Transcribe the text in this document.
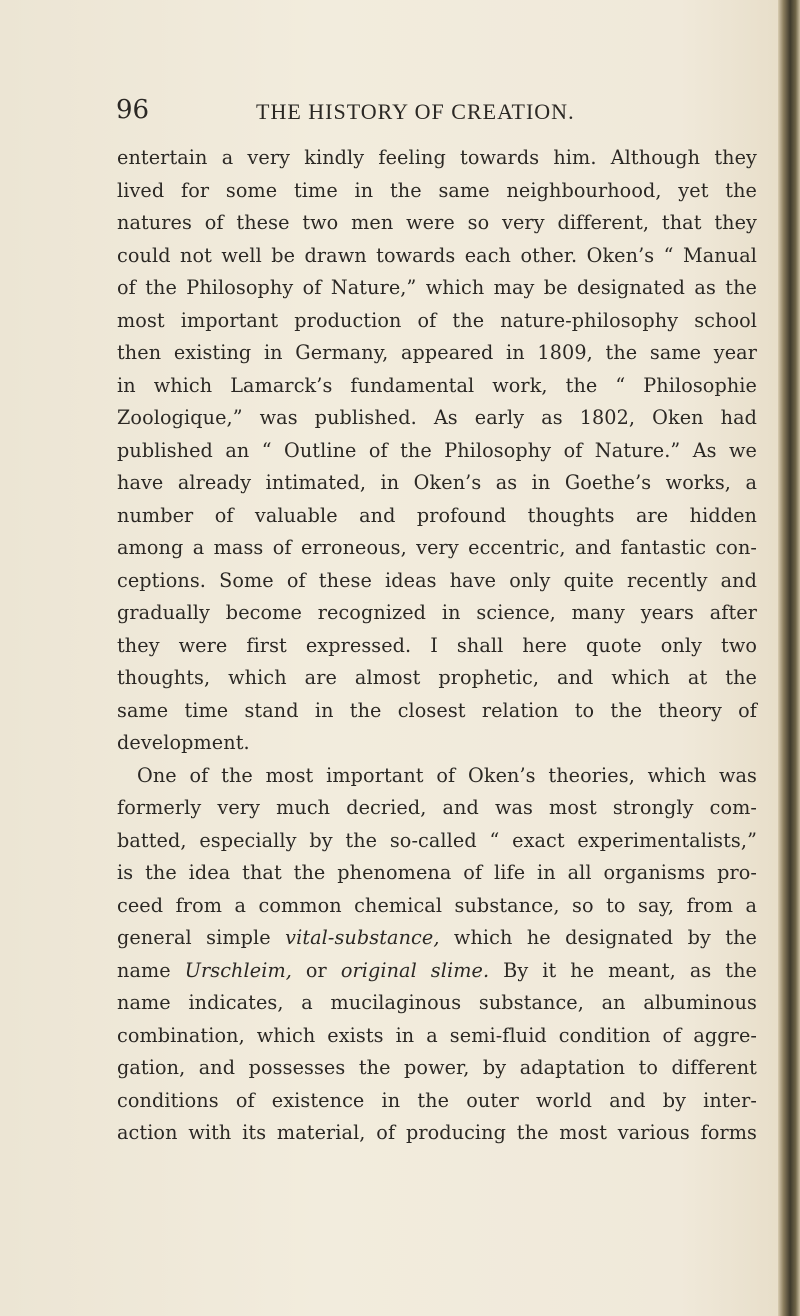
96	THE HISTORY OF CREATION.
entertain a very kindly feeling towards him. Although they
lived for some time in the same neighbourhood, yet the
natures of these two men were so very different, that they
could not well be drawn towards each other. Oken’s “ Manual
of the Philosophy of Nature,” which may be designated as the
most important production of the nature-philosophy school
then existing in Germany, appeared in 1809, the same year
in which Lamarck’s fundamental work, the “ Philosophie
Zoologique,” was published. As early as 1802, Oken had
published an “ Outline of the Philosophy of Nature.” As we
have already intimated, in Oken’s as in Goethe’s works, a
number of valuable and profound thoughts are hidden
among a mass of erroneous, very eccentric, and fantastic con-
ceptions. Some of these ideas have only quite recently and
gradually become recognized in science, many years after
they were first expressed. I shall here quote only two
thoughts, which are almost prophetic, and which at the
same time stand in the closest relation to the theory of
development.
One of the most important of Oken’s theories, which was
formerly very much decried, and was most strongly com-
batted, especially by the so-called “ exact experimentalists,”
is the idea that the phenomena of life in all organisms pro-
ceed from a common chemical substance, so to say, from a
general simple vital-substance, which he designated by the
name Urschleim, or original slime. By it he meant, as the
name indicates, a mucilaginous substance, an albuminous
combination, which exists in a semi-fluid condition of aggre-
gation, and possesses the power, by adaptation to different
conditions of existence in the outer world and by inter-
action with its material, of producing the most various forms
